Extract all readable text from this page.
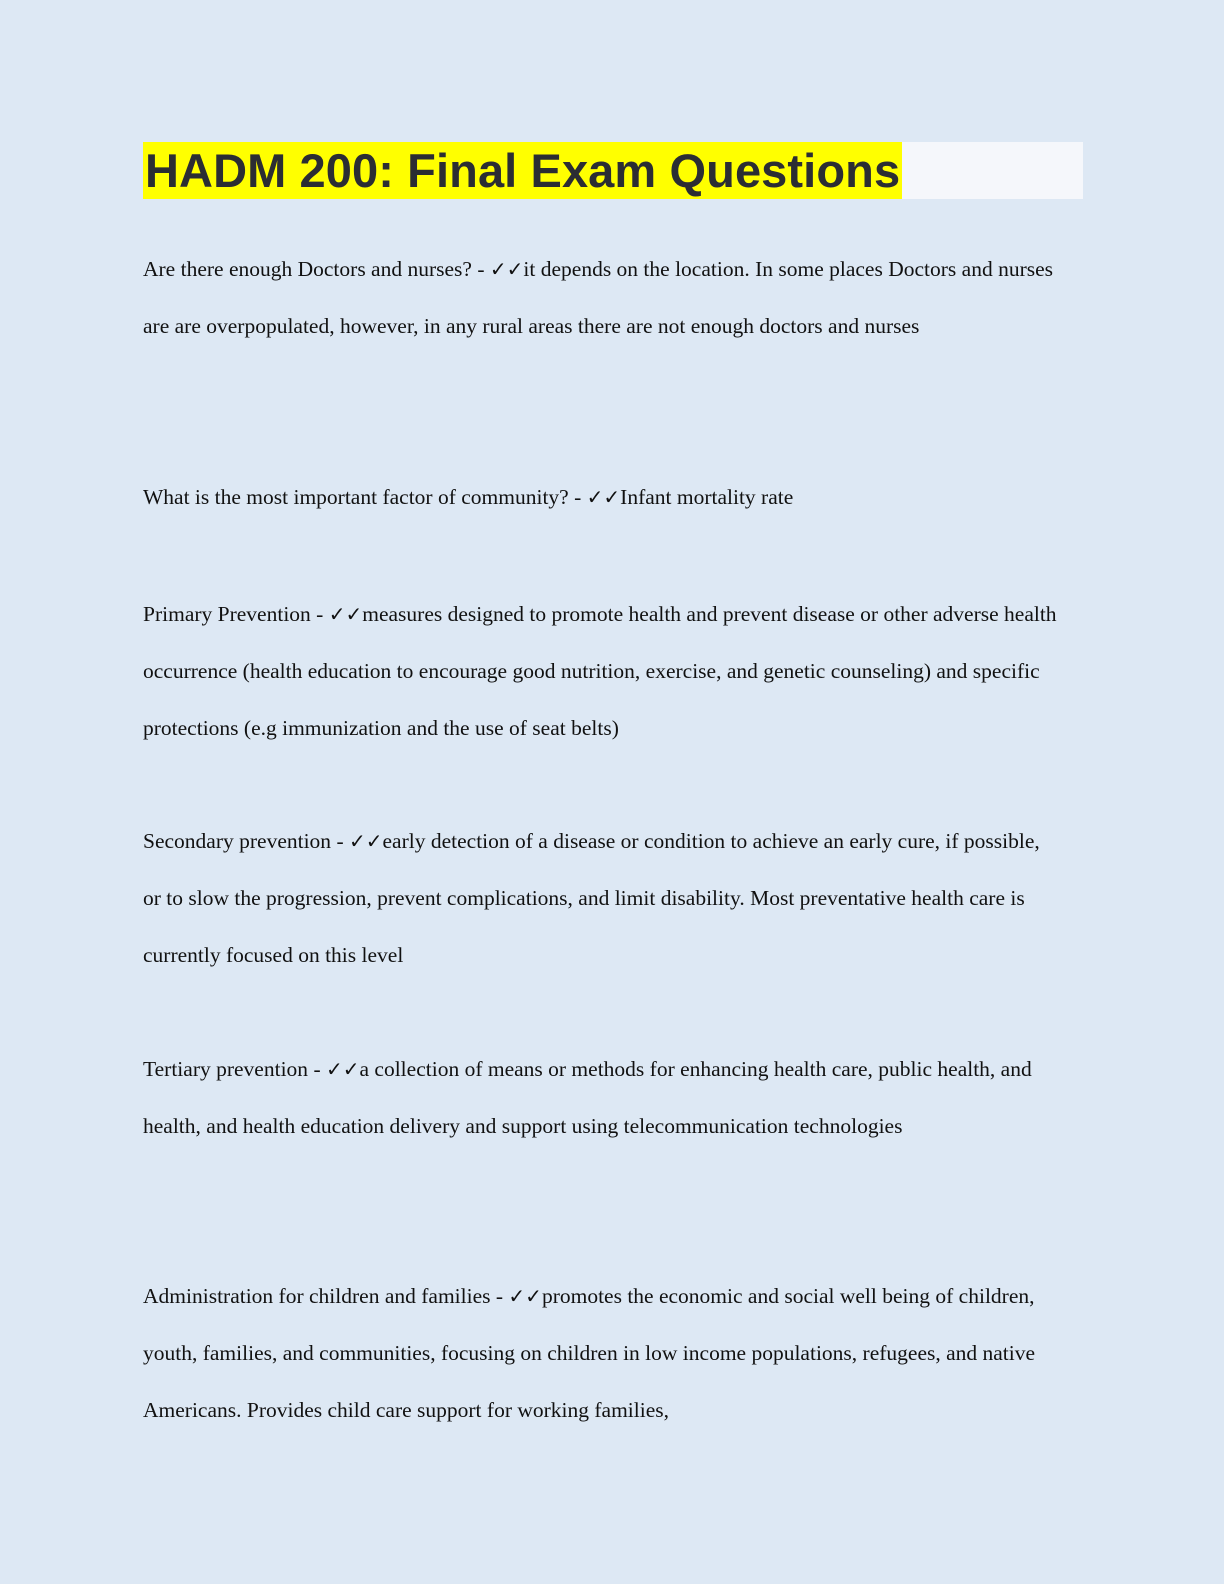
HADM 200: Final Exam Questions

Are there enough Doctors and nurses? - ✓✓it depends on the location. In some places Doctors and nurses are are overpopulated, however, in any rural areas there are not enough doctors and nurses

What is the most important factor of community? - ✓✓Infant mortality rate

Primary Prevention - ✓✓measures designed to promote health and prevent disease or other adverse health occurrence (health education to encourage good nutrition, exercise, and genetic counseling) and specific protections (e.g immunization and the use of seat belts)

Secondary prevention - ✓✓early detection of a disease or condition to achieve an early cure, if possible, or to slow the progression, prevent complications, and limit disability. Most preventative health care is currently focused on this level

Tertiary prevention - ✓✓a collection of means or methods for enhancing health care, public health, and health, and health education delivery and support using telecommunication technologies

Administration for children and families - ✓✓promotes the economic and social well being of children, youth, families, and communities, focusing on children in low income populations, refugees, and native Americans. Provides child care support for working families,
